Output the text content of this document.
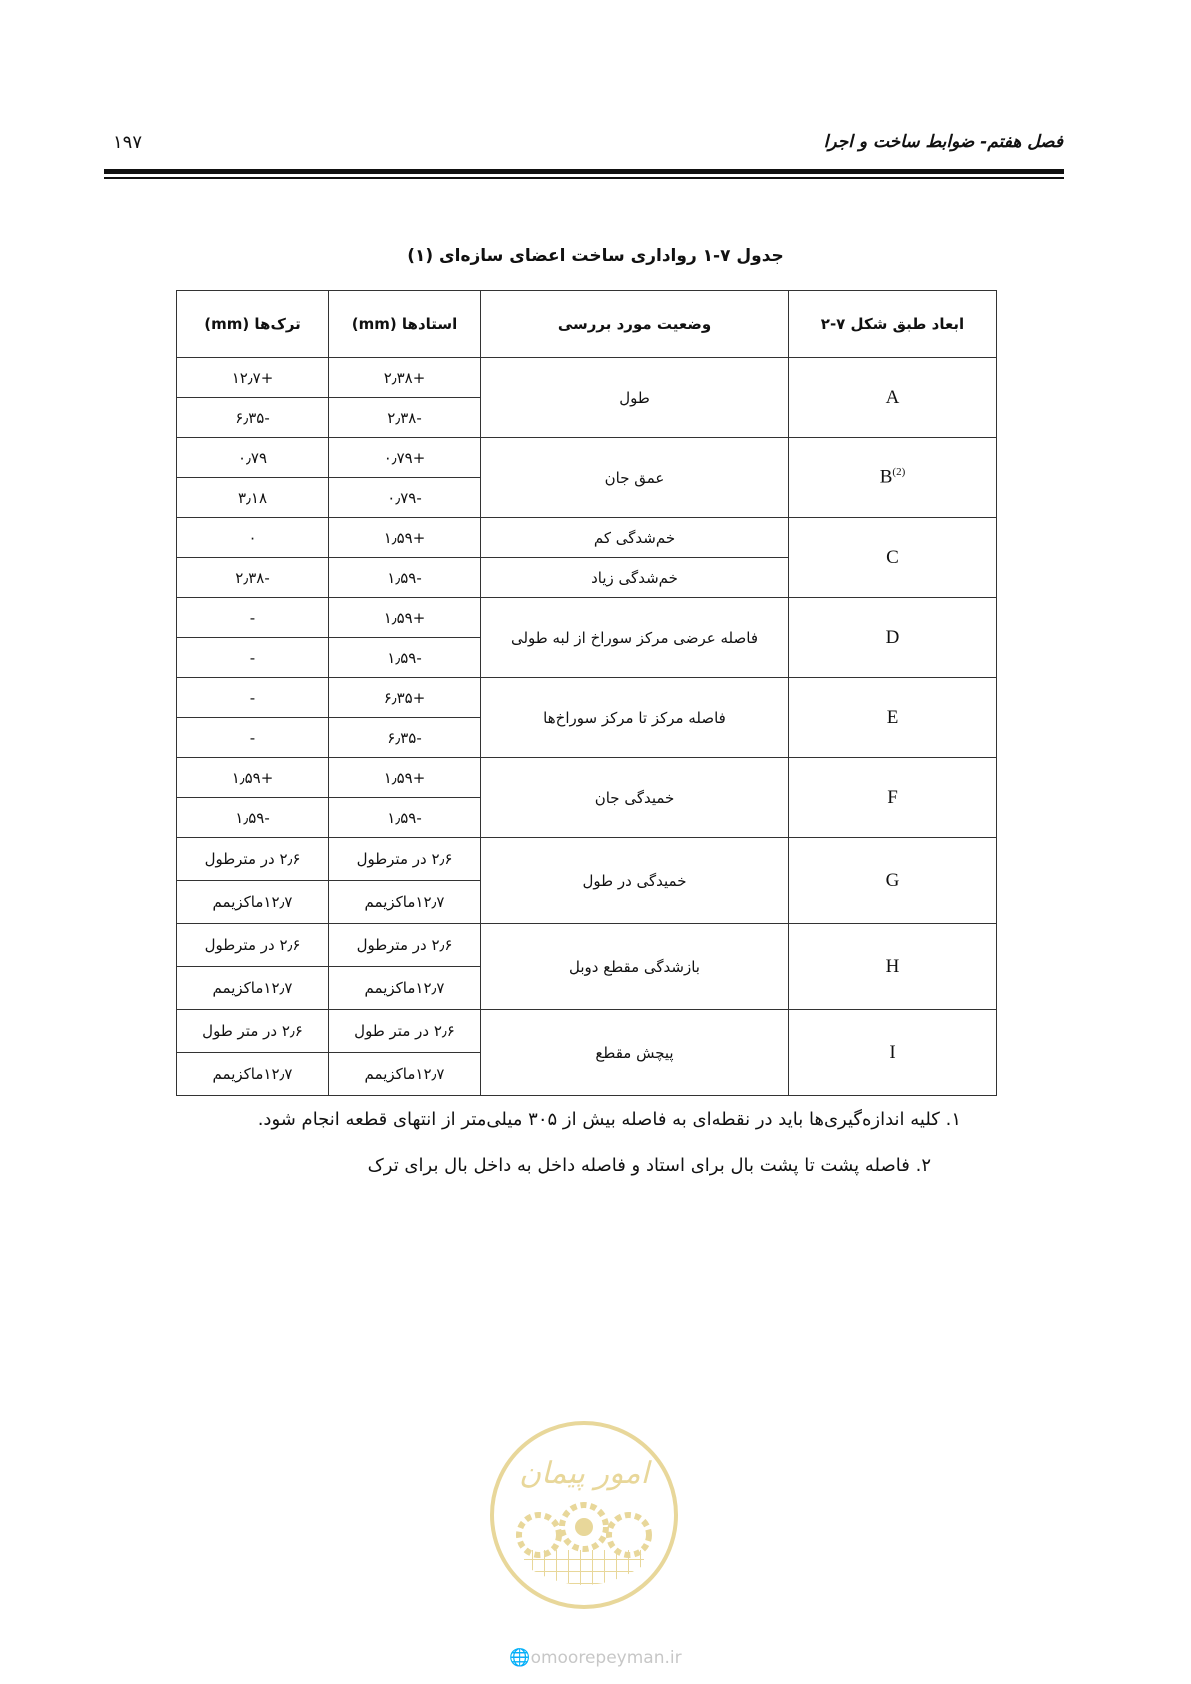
فصل هفتم- ضوابط ساخت و اجرا
۱۹۷
جدول ۷-۱ رواداری ساخت اعضای سازه‌ای (۱)
ابعاد طبق شکل ۷-۲	وضعیت مورد بررسی	استادها (mm)	ترک‌ها (mm)
A	طول	+۲٫۳۸	+۱۲٫۷
		-۲٫۳۸	-۶٫۳۵
$B^{(2)}$	عمق جان	+۰٫۷۹	۰٫۷۹
		-۰٫۷۹	۳٫۱۸
C	خم‌شدگی کم	+۱٫۵۹	۰
	خم‌شدگی زیاد	-۱٫۵۹	-۲٫۳۸
D	فاصله عرضی مرکز سوراخ از لبه طولی	+۱٫۵۹	-
		-۱٫۵۹	-
E	فاصله مرکز تا مرکز سوراخ‌ها	+۶٫۳۵	-
		-۶٫۳۵	-
F	خمیدگی جان	+۱٫۵۹	+۱٫۵۹
		-۱٫۵۹	-۱٫۵۹
G	خمیدگی در طول	۲٫۶ در مترطول	۲٫۶ در مترطول
		۱۲٫۷ماکزیمم	۱۲٫۷ماکزیمم
H	بازشدگی مقطع دوبل	۲٫۶ در مترطول	۲٫۶ در مترطول
		۱۲٫۷ماکزیمم	۱۲٫۷ماکزیمم
I	پیچش مقطع	۲٫۶ در متر طول	۲٫۶ در متر طول
		۱۲٫۷ماکزیمم	۱۲٫۷ماکزیمم

۱. کلیه اندازه‌گیری‌ها باید در نقطه‌ای به فاصله بیش از ۳۰۵ میلی‌متر از انتهای قطعه انجام شود.

۲. فاصله پشت تا پشت بال برای استاد و فاصله داخل به داخل بال برای ترک

امور پیمان
🌐omoorepeyman.ir
